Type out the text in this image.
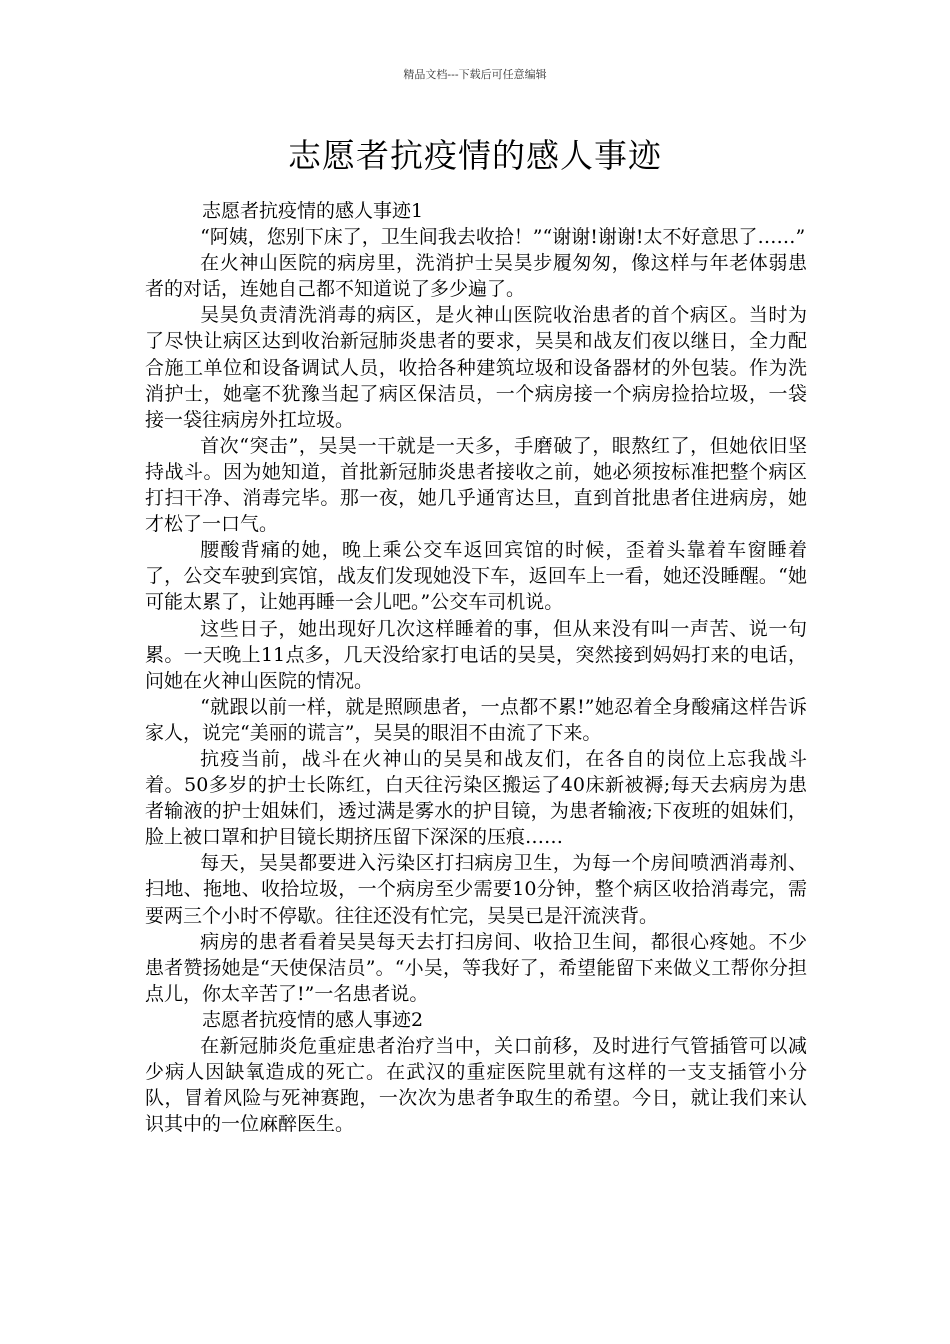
精品文档---下载后可任意编辑
志愿者抗疫情的感人事迹

志愿者抗疫情的感人事迹1

“阿姨，您别下床了，卫生间我去收拾！”“谢谢!谢谢!太不好意思了……”

在火神山医院的病房里，洗消护士吴昊步履匆匆，像这样与年老体弱患者的对话，连她自己都不知道说了多少遍了。

吴昊负责清洗消毒的病区，是火神山医院收治患者的首个病区。当时为了尽快让病区达到收治新冠肺炎患者的要求，吴昊和战友们夜以继日，全力配合施工单位和设备调试人员，收拾各种建筑垃圾和设备器材的外包装。作为洗消护士，她毫不犹豫当起了病区保洁员，一个病房接一个病房捡拾垃圾，一袋接一袋往病房外扛垃圾。

首次“突击”，吴昊一干就是一天多，手磨破了，眼熬红了，但她依旧坚持战斗。因为她知道，首批新冠肺炎患者接收之前，她必须按标准把整个病区打扫干净、消毒完毕。那一夜，她几乎通宵达旦，直到首批患者住进病房，她才松了一口气。

腰酸背痛的她，晚上乘公交车返回宾馆的时候，歪着头靠着车窗睡着了，公交车驶到宾馆，战友们发现她没下车，返回车上一看，她还没睡醒。“她可能太累了，让她再睡一会儿吧。”公交车司机说。

这些日子，她出现好几次这样睡着的事，但从来没有叫一声苦、说一句累。一天晚上11点多，几天没给家打电话的吴昊，突然接到妈妈打来的电话，问她在火神山医院的情况。

“就跟以前一样，就是照顾患者，一点都不累!”她忍着全身酸痛这样告诉家人，说完“美丽的谎言”，吴昊的眼泪不由流了下来。

抗疫当前，战斗在火神山的吴昊和战友们，在各自的岗位上忘我战斗着。50多岁的护士长陈红，白天往污染区搬运了40床新被褥;每天去病房为患者输液的护士姐妹们，透过满是雾水的护目镜，为患者输液;下夜班的姐妹们，脸上被口罩和护目镜长期挤压留下深深的压痕……

每天，吴昊都要进入污染区打扫病房卫生，为每一个房间喷洒消毒剂、扫地、拖地、收拾垃圾，一个病房至少需要10分钟，整个病区收拾消毒完，需要两三个小时不停歇。往往还没有忙完，吴昊已是汗流浃背。

病房的患者看着吴昊每天去打扫房间、收拾卫生间，都很心疼她。不少患者赞扬她是“天使保洁员”。“小吴，等我好了，希望能留下来做义工帮你分担点儿，你太辛苦了!”一名患者说。

志愿者抗疫情的感人事迹2

在新冠肺炎危重症患者治疗当中，关口前移，及时进行气管插管可以减少病人因缺氧造成的死亡。在武汉的重症医院里就有这样的一支支插管小分队，冒着风险与死神赛跑，一次次为患者争取生的希望。今日，就让我们来认识其中的一位麻醉医生。
